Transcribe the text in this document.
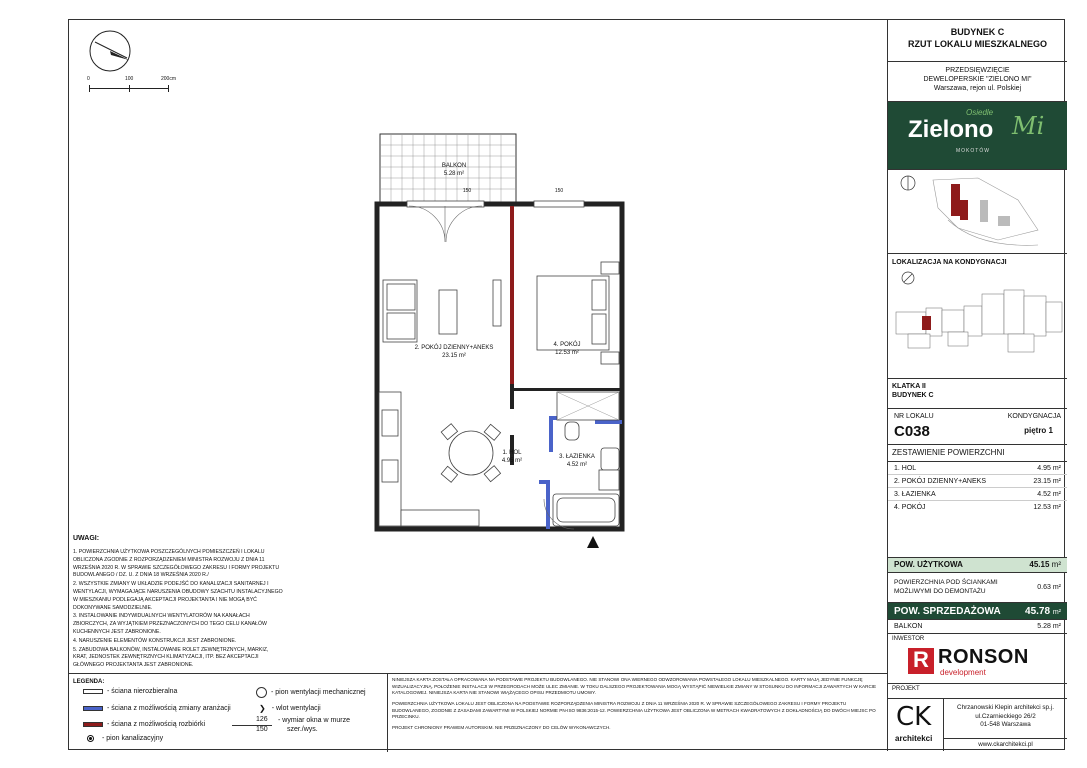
0	100	200cm
BALKON
5.28 m²
2. POKÓJ DZIENNY+ANEKS
23.15 m²
4. POKÓJ
12.53 m²
1. HOL
4.95 m²
3. ŁAZIENKA
4.52 m²
150	150
UWAGI:
1. POWIERZCHNIA UŻYTKOWA POSZCZEGÓLNYCH POMIESZCZEŃ I LOKALU OBLICZONA ZGODNIE Z ROZPORZĄDZENIEM MINISTRA ROZWOJU Z DNIA 11 WRZEŚNIA 2020 R. W SPRAWIE SZCZEGÓŁOWEGO ZAKRESU I FORMY PROJEKTU BUDOWLANEGO / DZ. U. Z DNIA 18 WRZEŚNIA 2020 R./
2. WSZYSTKIE ZMIANY W UKŁADZIE PODEJŚĆ DO KANALIZACJI SANITARNEJ I WENTYLACJI, WYMAGAJĄCE NARUSZENIA OBUDOWY SZACHTU INSTALACYJNEGO W MIESZKANIU PODLEGAJĄ AKCEPTACJI PROJEKTANTA I NIE MOGĄ BYĆ DOKONYWANE SAMODZIELNIE.
3. INSTALOWANIE INDYWIDUALNYCH WENTYLATORÓW NA KANAŁACH ZBIORCZYCH, ZA WYJĄTKIEM PRZEZNACZONYCH DO TEGO CELU KANAŁÓW KUCHENNYCH JEST ZABRONIONE.
4. NARUSZENIE ELEMENTÓW KONSTRUKCJI JEST ZABRONIONE.
5. ZABUDOWA BALKONÓW, INSTALOWANIE ROLET ZEWNĘTRZNYCH, MARKIZ, KRAT, JEDNOSTEK ZEWNĘTRZNYCH KLIMATYZACJI, ITP. BEZ AKCEPTACJI GŁÓWNEGO PROJEKTANTA JEST ZABRONIONE.
LEGENDA:
- ściana nierozbieralna
- ściana z możliwością zmiany aranżacji
- ściana z możliwością rozbiórki
- pion kanalizacyjny
- pion wentylacji mechanicznej
❯ - wlot wentylacji
126
150
- wymiar okna w murze
szer./wys.

NINIEJSZA KARTA ZOSTAŁA OPRACOWANA NA PODSTAWIE PROJEKTU BUDOWLANEGO. NIE STANOWI ONA WIERNEGO ODWZOROWANIA POWSTAŁEGO LOKALU MIESZKALNEGO. KARTY MAJĄ JEDYNIE FUNKCJĘ WIZUALIZACYJNĄ. POŁOŻENIE INSTALACJI W PRZEGRODACH MOŻE ULEC ZMIANIE. W TOKU DALSZEGO PROJEKTOWANIA MOGĄ WYSTĄPIĆ NIEWIELKIE ZMIANY W STOSUNKU DO INFORMACJI ZAWARTYCH W KARCIE KATALOGOWEJ. NINIEJSZA KARTA NIE STANOWI WIĄŻĄCEGO OPISU PRZEDMIOTU UMOWY.

POWIERZCHNIA UŻYTKOWA LOKALU JEST OBLICZONA NA PODSTAWIE ROZPORZĄDZENIA MINISTRA ROZWOJU Z DNIA 11 WRZEŚNIA 2020 R. W SPRAWIE SZCZEGÓŁOWEGO ZAKRESU I FORMY PROJEKTU BUDOWLANEGO, ZGODNIE Z ZASADAMI ZAWARTYMI W POLSKIEJ NORMIE PN-ISO 9836:2015-12. POWIERZCHNIA UŻYTKOWA JEST OBLICZONA W METRACH KWADRATOWYCH Z DOKŁADNOŚCIĄ DO DWÓCH MIEJSC PO PRZECINKU.

PROJEKT CHRONIONY PRAWEM AUTORSKIM. NIE PRZEZNACZONY DO CELÓW WYKONAWCZYCH.

BUDYNEK C
RZUT LOKALU MIESZKALNEGO
PRZEDSIĘWZIĘCIE
DEWELOPERSKIE "ZIELONO MI"
Warszawa, rejon ul. Polskiej
Osiedle
Zielono Mi
MOKOTÓW
LOKALIZACJA NA KONDYGNACJI
KLATKA II
BUDYNEK C
NR LOKALU	KONDYGNACJA
C038	piętro 1
ZESTAWIENIE POWIERZCHNI
1. HOL	4.95 m²
2. POKÓJ DZIENNY+ANEKS	23.15 m²
3. ŁAZIENKA	4.52 m²
4. POKÓJ	12.53 m²
POW. UŻYTKOWA	45.15 m²
POWIERZCHNIA POD ŚCIANKAMI MOŻLIWYMI DO DEMONTAŻU
0.63 m²
POW. SPRZEDAŻOWA 45.78 m²
BALKON	5.28 m²
INWESTOR
R RONSON
development
PROJEKT
CK
architekci
Chrzanowski Klepin architekci sp.j.
ul.Czarnieckiego 26/2
01-548 Warszawa
www.ckarchitekci.pl
